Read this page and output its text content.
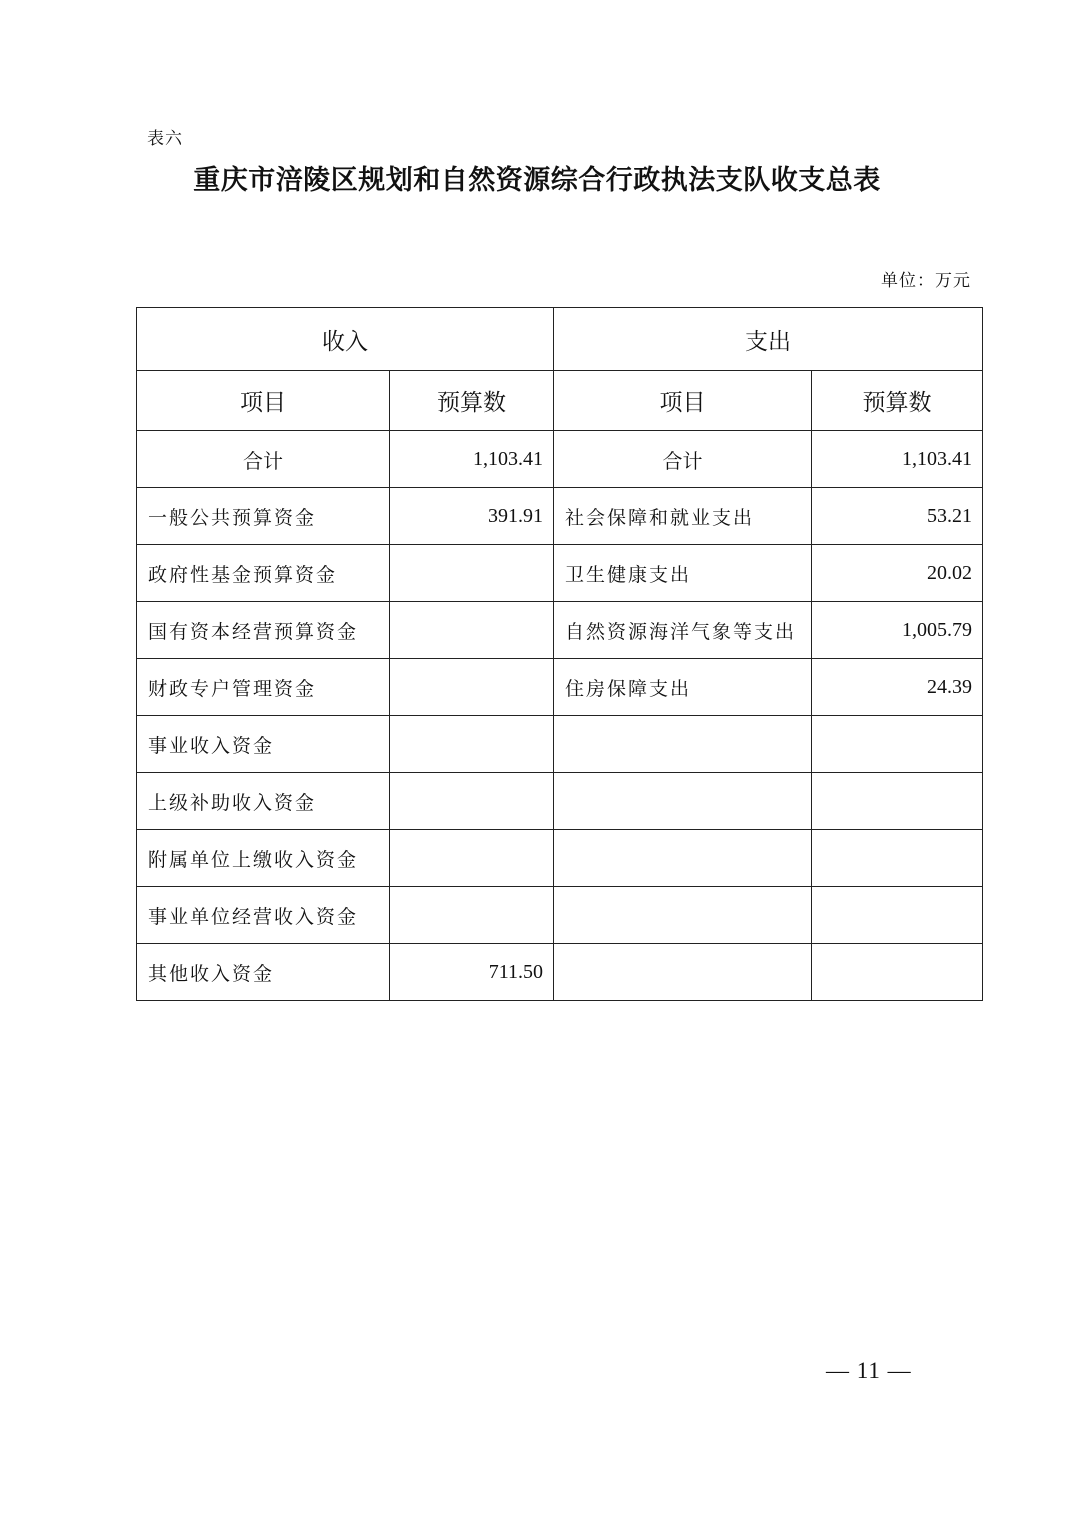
表六
重庆市涪陵区规划和自然资源综合行政执法支队收支总表
单位：万元
收入		支出	
项目	预算数	项目	预算数
合计	1,103.41	合计	1,103.41
一般公共预算资金	391.91	社会保障和就业支出	53.21
政府性基金预算资金		卫生健康支出	20.02
国有资本经营预算资金		自然资源海洋气象等支出	1,005.79
财政专户管理资金		住房保障支出	24.39
事业收入资金			
上级补助收入资金			
附属单位上缴收入资金			
事业单位经营收入资金			
其他收入资金	711.50		
— 11 —
